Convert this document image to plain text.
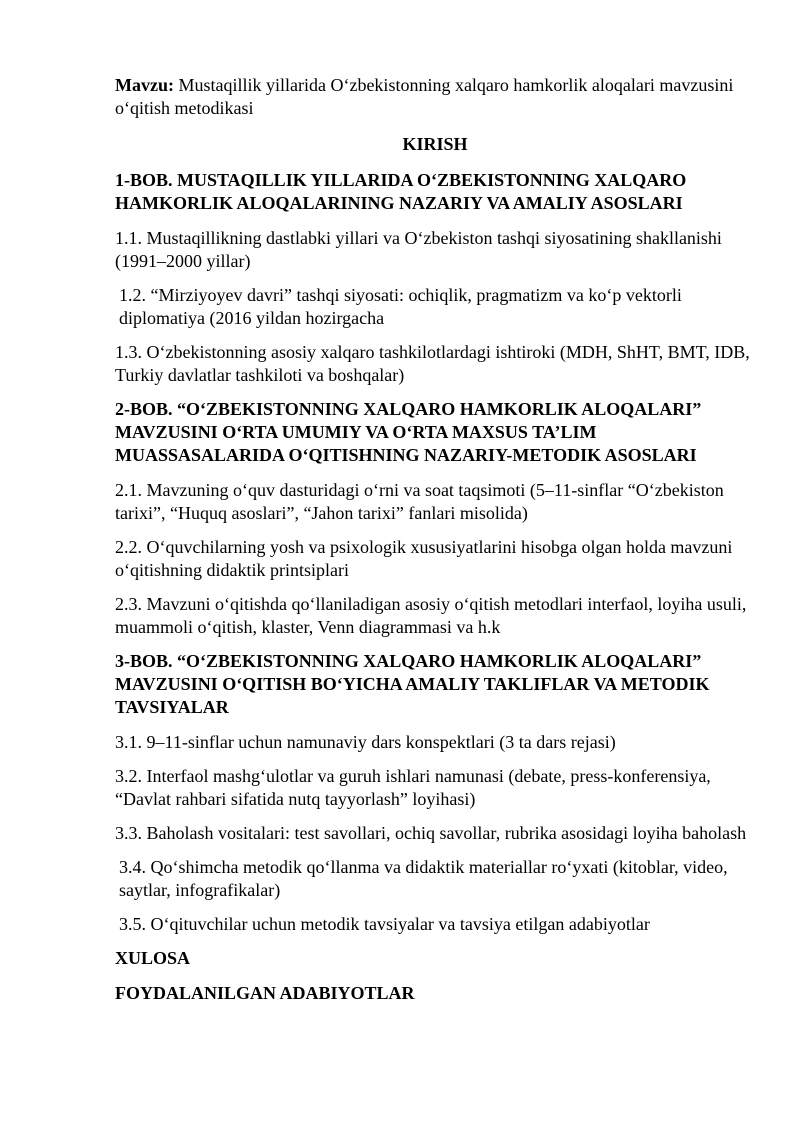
Mavzu: Mustaqillik yillarida O‘zbekistonning xalqaro hamkorlik aloqalari mavzusini o‘qitish metodikasi

KIRISH

1-BOB. MUSTAQILLIK YILLARIDA O‘ZBEKISTONNING XALQARO HAMKORLIK ALOQALARINING NAZARIY VA AMALIY ASOSLARI

1.1. Mustaqillikning dastlabki yillari va O‘zbekiston tashqi siyosatining shakllanishi (1991–2000 yillar)

1.2. “Mirziyoyev davri” tashqi siyosati: ochiqlik, pragmatizm va ko‘p vektorli diplomatiya (2016 yildan hozirgacha

1.3. O‘zbekistonning asosiy xalqaro tashkilotlardagi ishtiroki (MDH, ShHT, BMT, IDB, Turkiy davlatlar tashkiloti va boshqalar)

2-BOB. “O‘ZBEKISTONNING XALQARO HAMKORLIK ALOQALARI” MAVZUSINI O‘RTA UMUMIY VA O‘RTA MAXSUS TA’LIM MUASSASALARIDA O‘QITISHNING NAZARIY-METODIK ASOSLARI

2.1. Mavzuning o‘quv dasturidagi o‘rni va soat taqsimoti (5–11-sinflar “O‘zbekiston tarixi”, “Huquq asoslari”, “Jahon tarixi” fanlari misolida)

2.2. O‘quvchilarning yosh va psixologik xususiyatlarini hisobga olgan holda mavzuni o‘qitishning didaktik printsiplari

2.3. Mavzuni o‘qitishda qo‘llaniladigan asosiy o‘qitish metodlari interfaol, loyiha usuli, muammoli o‘qitish, klaster, Venn diagrammasi va h.k

3-BOB. “O‘ZBEKISTONNING XALQARO HAMKORLIK ALOQALARI” MAVZUSINI O‘QITISH BO‘YICHA AMALIY TAKLIFLAR VA METODIK TAVSIYALAR

3.1. 9–11-sinflar uchun namunaviy dars konspektlari (3 ta dars rejasi)

3.2. Interfaol mashg‘ulotlar va guruh ishlari namunasi (debate, press-konferensiya, “Davlat rahbari sifatida nutq tayyorlash” loyihasi)

3.3. Baholash vositalari: test savollari, ochiq savollar, rubrika asosidagi loyiha baholash

3.4. Qo‘shimcha metodik qo‘llanma va didaktik materiallar ro‘yxati (kitoblar, video, saytlar, infografikalar)

3.5. O‘qituvchilar uchun metodik tavsiyalar va tavsiya etilgan adabiyotlar

XULOSA

FOYDALANILGAN ADABIYOTLAR
